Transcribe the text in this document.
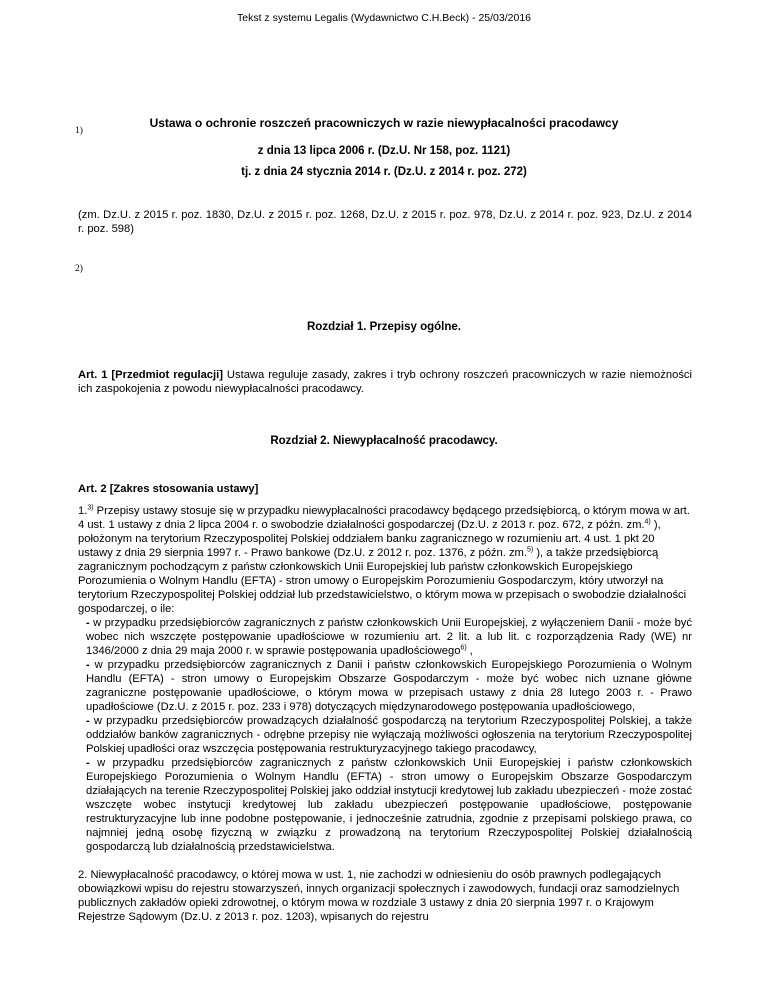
Tekst z systemu Legalis (Wydawnictwo C.H.Beck) - 25/03/2016
1)
Ustawa o ochronie roszczeń pracowniczych w razie niewypłacalności pracodawcy
z dnia 13 lipca 2006 r. (Dz.U. Nr 158, poz. 1121)
tj. z dnia 24 stycznia 2014 r. (Dz.U. z 2014 r. poz. 272)
(zm. Dz.U. z 2015 r. poz. 1830, Dz.U. z 2015 r. poz. 1268, Dz.U. z 2015 r. poz. 978, Dz.U. z 2014 r. poz. 923, Dz.U. z 2014 r. poz. 598)
2)
Rozdział 1. Przepisy ogólne.
Art. 1 [Przedmiot regulacji] Ustawa reguluje zasady, zakres i tryb ochrony roszczeń pracowniczych w razie niemożności ich zaspokojenia z powodu niewypłacalności pracodawcy.
Rozdział 2. Niewypłacalność pracodawcy.
Art. 2 [Zakres stosowania ustawy]
1.$^{3)}$ Przepisy ustawy stosuje się w przypadku niewypłacalności pracodawcy będącego przedsiębiorcą, o którym mowa w art. 4 ust. 1 ustawy z dnia 2 lipca 2004 r. o swobodzie działalności gospodarczej (Dz.U. z 2013 r. poz. 672, z późn. zm.$^{4)}$ ), położonym na terytorium Rzeczypospolitej Polskiej oddziałem banku zagranicznego w rozumieniu art. 4 ust. 1 pkt 20 ustawy z dnia 29 sierpnia 1997 r. - Prawo bankowe (Dz.U. z 2012 r. poz. 1376, z późn. zm.$^{5)}$ ), a także przedsiębiorcą zagranicznym pochodzącym z państw członkowskich Unii Europejskiej lub państw członkowskich Europejskiego Porozumienia o Wolnym Handlu (EFTA) - stron umowy o Europejskim Porozumieniu Gospodarczym, który utworzył na terytorium Rzeczypospolitej Polskiej oddział lub przedstawicielstwo, o którym mowa w przepisach o swobodzie działalności gospodarczej, o ile:
- w przypadku przedsiębiorców zagranicznych z państw członkowskich Unii Europejskiej, z wyłączeniem Danii - może być wobec nich wszczęte postępowanie upadłościowe w rozumieniu art. 2 lit. a lub lit. c rozporządzenia Rady (WE) nr 1346/2000 z dnia 29 maja 2000 r. w sprawie postępowania upadłościowego$^{6)}$ ,
- w przypadku przedsiębiorców zagranicznych z Danii i państw członkowskich Europejskiego Porozumienia o Wolnym Handlu (EFTA) - stron umowy o Europejskim Obszarze Gospodarczym - może być wobec nich uznane główne zagraniczne postępowanie upadłościowe, o którym mowa w przepisach ustawy z dnia 28 lutego 2003 r. - Prawo upadłościowe (Dz.U. z 2015 r. poz. 233 i 978) dotyczących międzynarodowego postępowania upadłościowego,
- w przypadku przedsiębiorców prowadzących działalność gospodarczą na terytorium Rzeczypospolitej Polskiej, a także oddziałów banków zagranicznych - odrębne przepisy nie wyłączają możliwości ogłoszenia na terytorium Rzeczypospolitej Polskiej upadłości oraz wszczęcia postępowania restrukturyzacyjnego takiego pracodawcy,
- w przypadku przedsiębiorców zagranicznych z państw członkowskich Unii Europejskiej i państw członkowskich Europejskiego Porozumienia o Wolnym Handlu (EFTA) - stron umowy o Europejskim Obszarze Gospodarczym działających na terenie Rzeczypospolitej Polskiej jako oddział instytucji kredytowej lub zakładu ubezpieczeń - może zostać wszczęte wobec instytucji kredytowej lub zakładu ubezpieczeń postępowanie upadłościowe, postępowanie restrukturyzacyjne lub inne podobne postępowanie, i jednocześnie zatrudnia, zgodnie z przepisami polskiego prawa, co najmniej jedną osobę fizyczną w związku z prowadzoną na terytorium Rzeczypospolitej Polskiej działalnością gospodarczą lub działalnością przedstawicielstwa.
2. Niewypłacalność pracodawcy, o której mowa w ust. 1, nie zachodzi w odniesieniu do osób prawnych podlegających obowiązkowi wpisu do rejestru stowarzyszeń, innych organizacji społecznych i zawodowych, fundacji oraz samodzielnych publicznych zakładów opieki zdrowotnej, o którym mowa w rozdziale 3 ustawy z dnia 20 sierpnia 1997 r. o Krajowym Rejestrze Sądowym (Dz.U. z 2013 r. poz. 1203), wpisanych do rejestru
